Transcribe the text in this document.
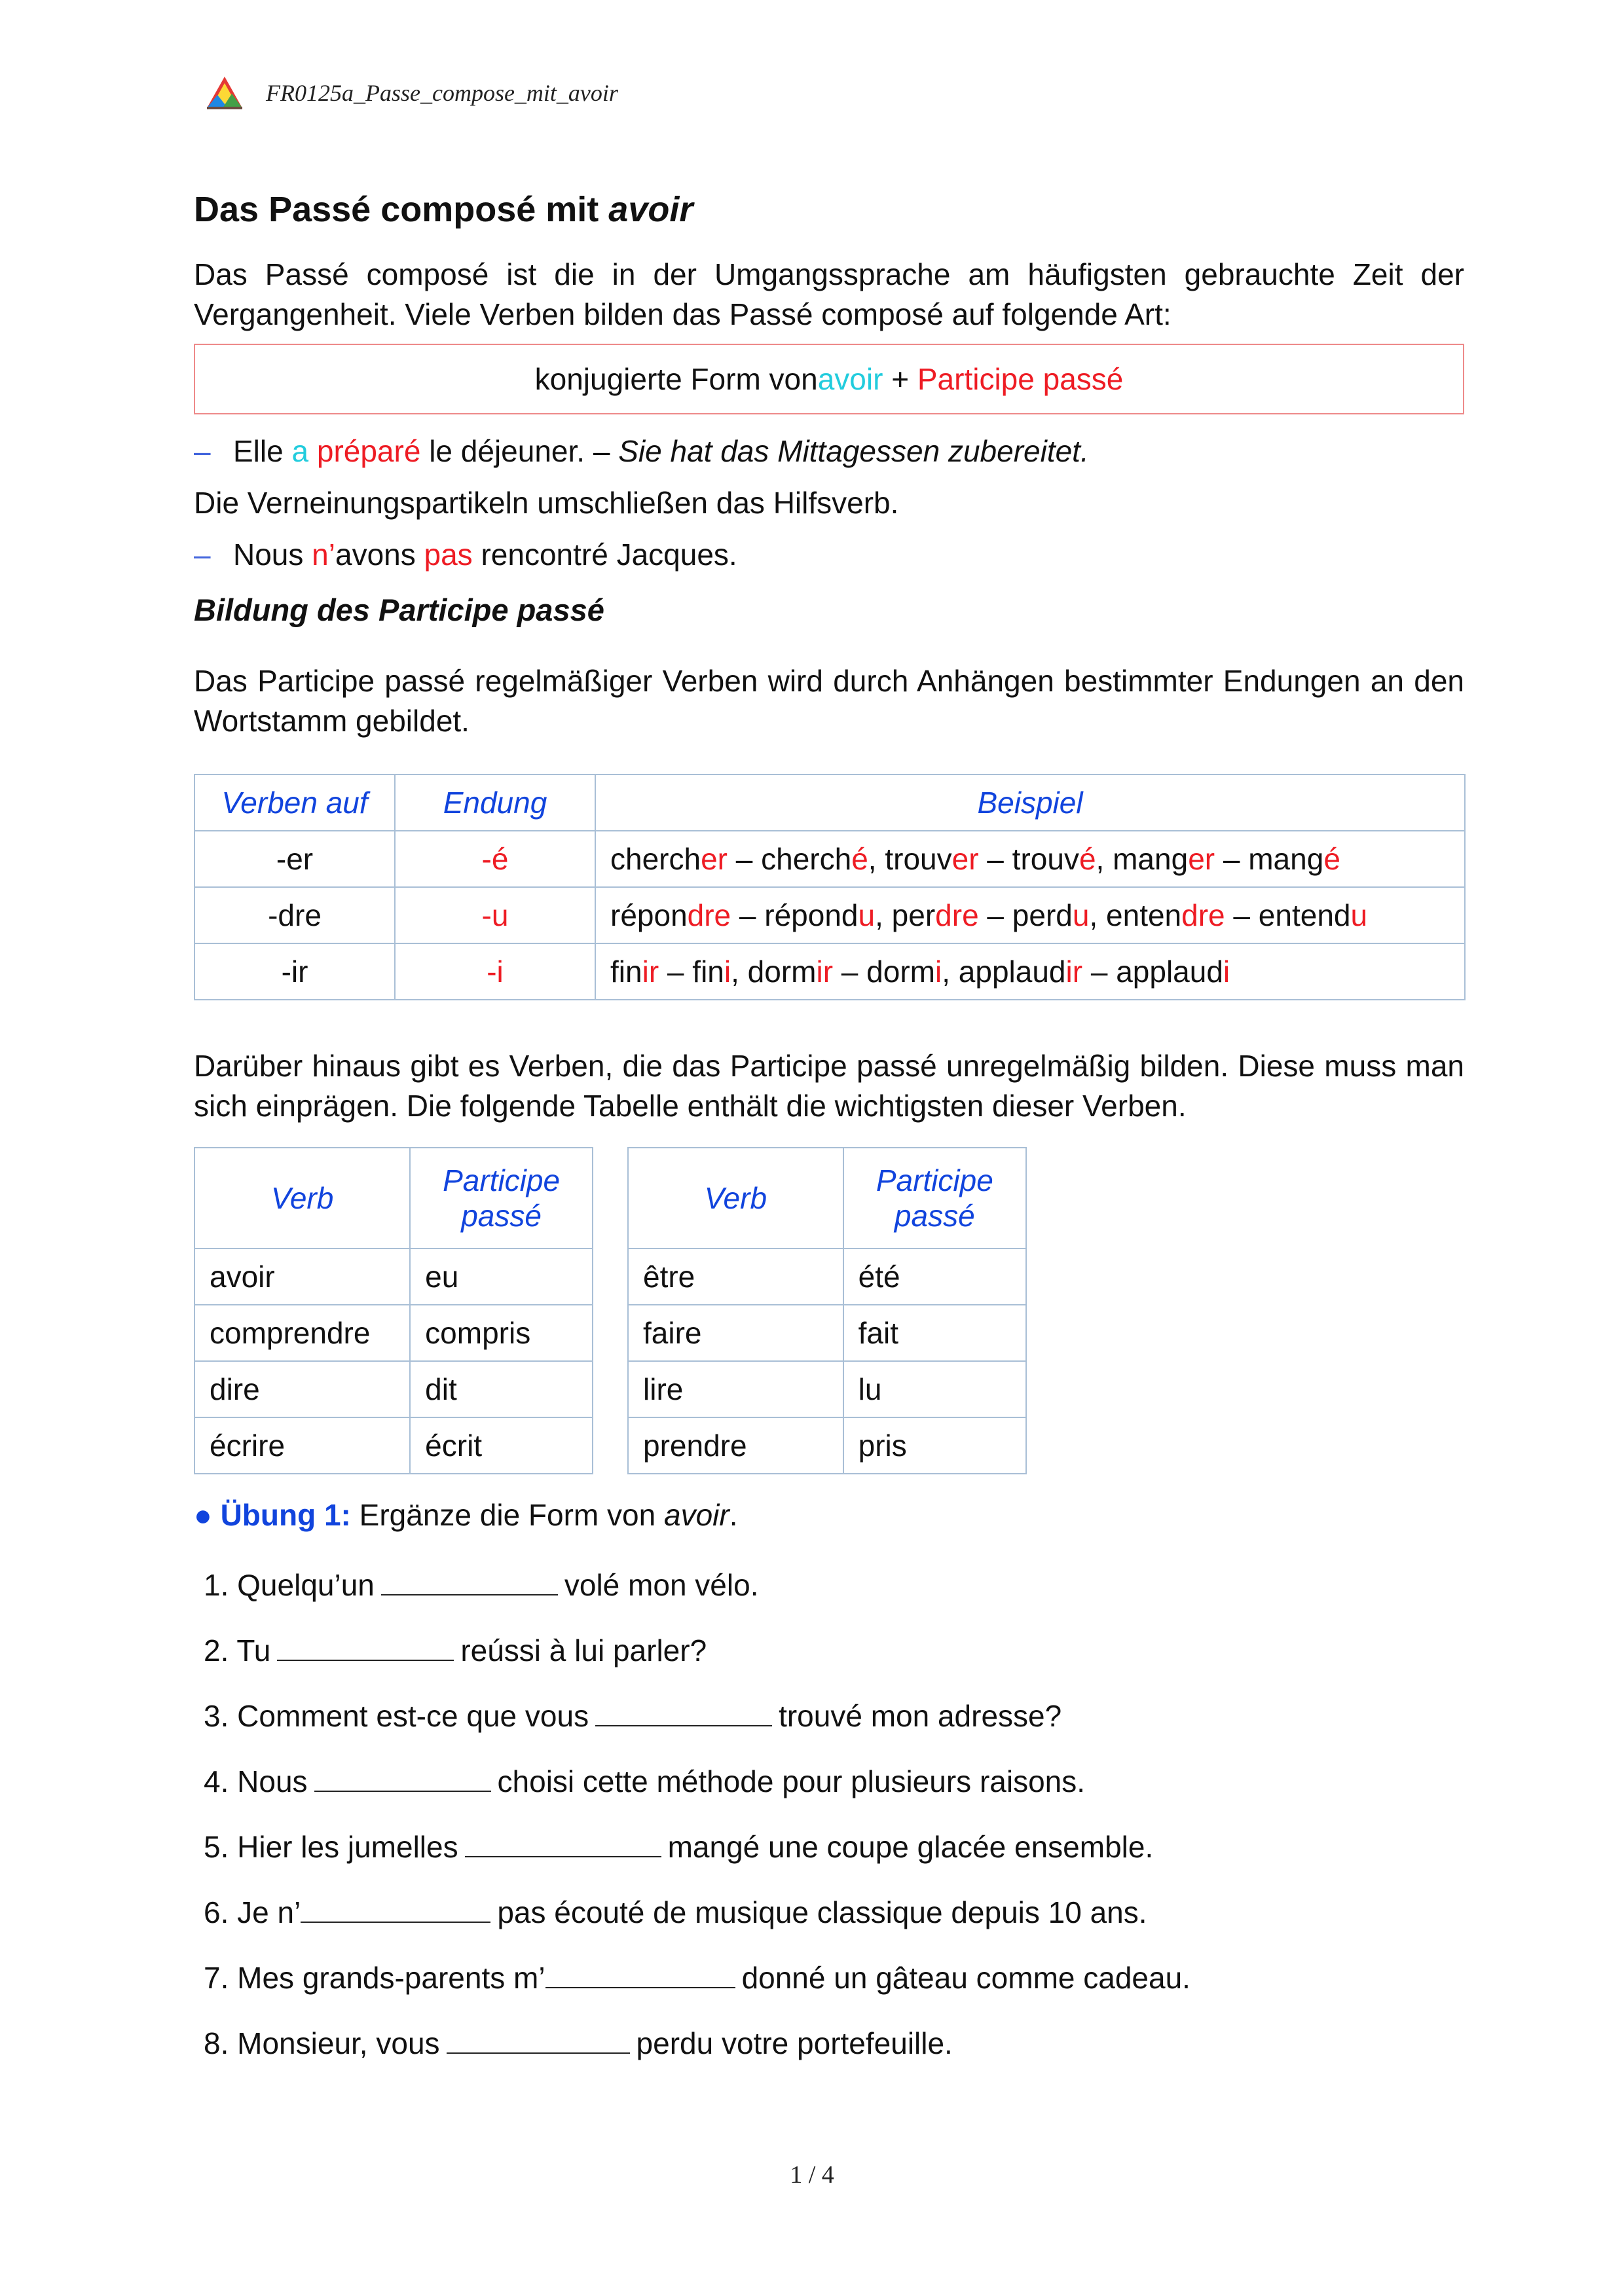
FR0125a_Passe_compose_mit_avoir
Das Passé composé mit avoir

Das Passé composé ist die in der Umgangssprache am häufigsten gebrauchte Zeit der Vergangenheit. Viele Verben bilden das Passé composé auf folgende Art:

konjugierte Form von avoir + Participe passé
– Elle a préparé le déjeuner. – Sie hat das Mittagessen zubereitet.

Die Verneinungspartikeln umschließen das Hilfsverb.

– Nous n’avons pas rencontré Jacques.
Bildung des Participe passé

Das Participe passé regelmäßiger Verben wird durch Anhängen bestimmter Endungen an den Wortstamm gebildet.

Verben auf	Endung	Beispiel
-er	-é	chercher – cherché, trouver – trouvé, manger – mangé
-dre	-u	répondre – répondu, perdre – perdu, entendre – entendu
-ir	-i	finir – fini, dormir – dormi, applaudir – applaudi

Darüber hinaus gibt es Verben, die das Participe passé unregelmäßig bilden. Diese muss man sich einprägen. Die folgende Tabelle enthält die wichtigsten dieser Verben.

Verb	Participe passé
avoir	eu
comprendre	compris
dire	dit
écrire	écrit
Verb	Participe passé
être	été
faire	fait
lire	lu
prendre	pris

● Übung 1: Ergänze die Form von avoir.

1. Quelqu’un	volé mon vélo.
2. Tu	reússi à lui parler?
3. Comment est-ce que vous	trouvé mon adresse?
4. Nous	choisi cette méthode pour plusieurs raisons.
5. Hier les jumelles	mangé une coupe glacée ensemble.
6. Je n’	pas écouté de musique classique depuis 10 ans.
7. Mes grands-parents m’	donné un gâteau comme cadeau.
8. Monsieur, vous	perdu votre portefeuille.
1 / 4
